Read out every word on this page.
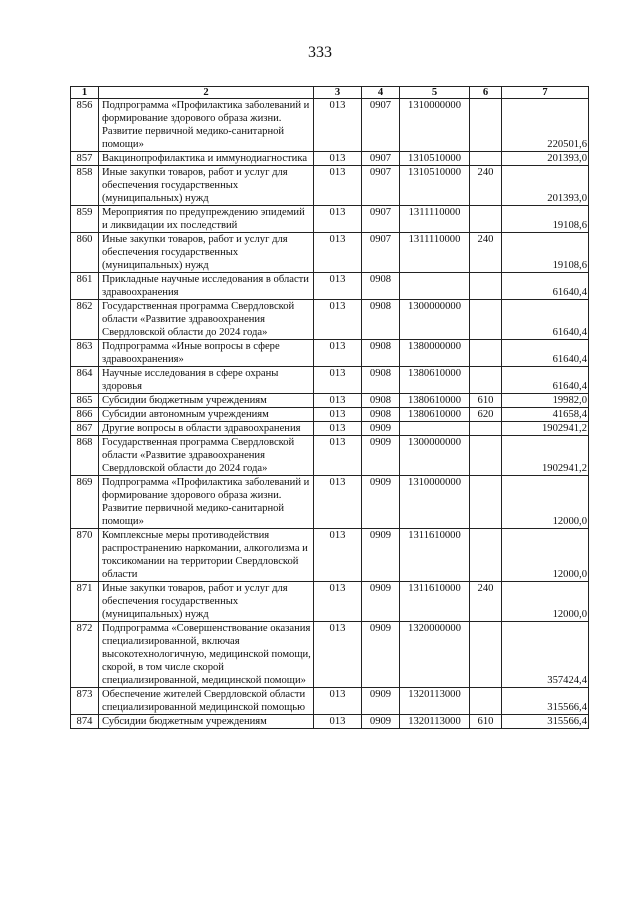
333
1	2	3	4	5	6	7
856	Подпрограмма «Профилактика заболеваний и формирование здорового образа жизни. Развитие первичной медико-санитарной помощи»	013	0907	1310000000		220501,6
857	Вакцинопрофилактика и иммунодиагностика	013	0907	1310510000		201393,0
858	Иные закупки товаров, работ и услуг для обеспечения государственных (муниципальных) нужд	013	0907	1310510000	240	201393,0
859	Мероприятия по предупреждению эпидемий и ликвидации их последствий	013	0907	1311110000		19108,6
860	Иные закупки товаров, работ и услуг для обеспечения государственных (муниципальных) нужд	013	0907	1311110000	240	19108,6
861	Прикладные научные исследования в области здравоохранения	013	0908			61640,4
862	Государственная программа Свердловской области «Развитие здравоохранения Свердловской области до 2024 года»	013	0908	1300000000		61640,4
863	Подпрограмма «Иные вопросы в сфере здравоохранения»	013	0908	1380000000		61640,4
864	Научные исследования в сфере охраны здоровья	013	0908	1380610000		61640,4
865	Субсидии бюджетным учреждениям	013	0908	1380610000	610	19982,0
866	Субсидии автономным учреждениям	013	0908	1380610000	620	41658,4
867	Другие вопросы в области здравоохранения	013	0909			1902941,2
868	Государственная программа Свердловской области «Развитие здравоохранения Свердловской области до 2024 года»	013	0909	1300000000		1902941,2
869	Подпрограмма «Профилактика заболеваний и формирование здорового образа жизни. Развитие первичной медико-санитарной помощи»	013	0909	1310000000		12000,0
870	Комплексные меры противодействия распространению наркомании, алкоголизма и токсикомании на территории Свердловской области	013	0909	1311610000		12000,0
871	Иные закупки товаров, работ и услуг для обеспечения государственных (муниципальных) нужд	013	0909	1311610000	240	12000,0
872	Подпрограмма «Совершенствование оказания специализированной, включая высокотехнологичную, медицинской помощи, скорой, в том числе скорой специализированной, медицинской помощи»	013	0909	1320000000		357424,4
873	Обеспечение жителей Свердловской области специализированной медицинской помощью	013	0909	1320113000		315566,4
874	Субсидии бюджетным учреждениям	013	0909	1320113000	610	315566,4
